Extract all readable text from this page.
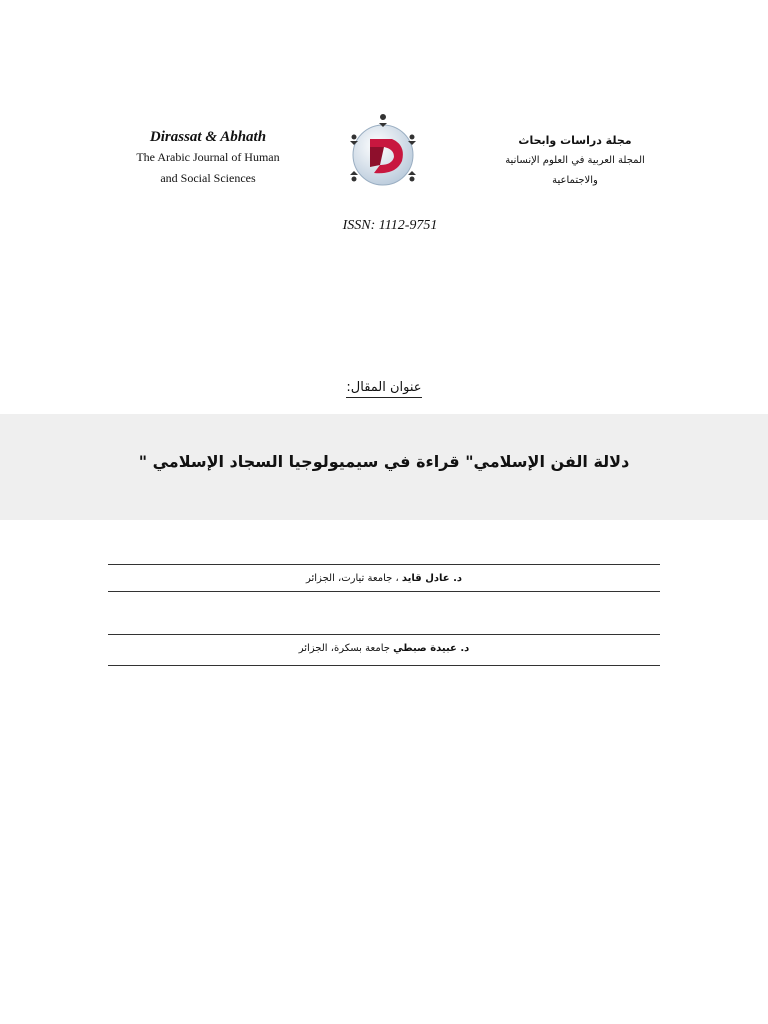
Dirassat & Abhath
The Arabic Journal of Human
and Social Sciences
ISSN: 1112-9751
مجلة دراسات وابحاث
المجلة العربية في العلوم الإنسانية
والاجتماعية
عنوان المقال:
دلالة الفن الإسلامي" قراءة في سيميولوجيا السجاد الإسلامي "
د. عادل قايد ، جامعة تيارت، الجزائر
د. عبيدة صبطي جامعة بسكرة، الجزائر
